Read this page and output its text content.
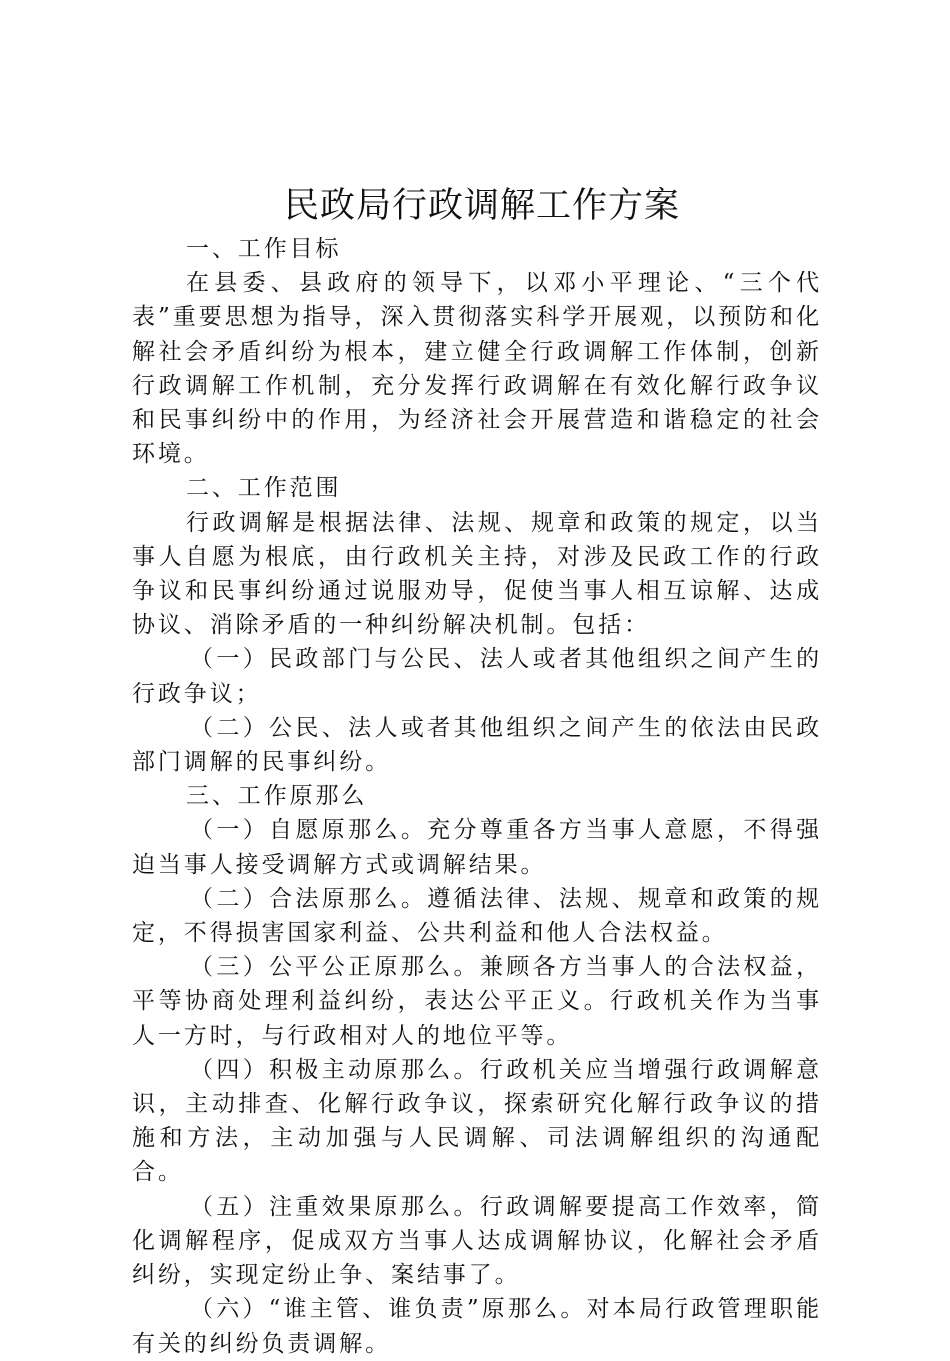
民政局行政调解工作方案

一、工作目标

在县委、县政府的领导下，以邓小平理论、“三个代表”重要思想为指导，深入贯彻落实科学开展观，以预防和化解社会矛盾纠纷为根本，建立健全行政调解工作体制，创新行政调解工作机制，充分发挥行政调解在有效化解行政争议和民事纠纷中的作用，为经济社会开展营造和谐稳定的社会环境。

二、工作范围

行政调解是根据法律、法规、规章和政策的规定，以当事人自愿为根底，由行政机关主持，对涉及民政工作的行政争议和民事纠纷通过说服劝导，促使当事人相互谅解、达成协议、消除矛盾的一种纠纷解决机制。包括：

（一）民政部门与公民、法人或者其他组织之间产生的行政争议；

（二）公民、法人或者其他组织之间产生的依法由民政部门调解的民事纠纷。

三、工作原那么

（一）自愿原那么。充分尊重各方当事人意愿，不得强迫当事人接受调解方式或调解结果。

（二）合法原那么。遵循法律、法规、规章和政策的规定，不得损害国家利益、公共利益和他人合法权益。

（三）公平公正原那么。兼顾各方当事人的合法权益，平等协商处理利益纠纷，表达公平正义。行政机关作为当事人一方时，与行政相对人的地位平等。

（四）积极主动原那么。行政机关应当增强行政调解意识，主动排查、化解行政争议，探索研究化解行政争议的措施和方法，主动加强与人民调解、司法调解组织的沟通配合。

（五）注重效果原那么。行政调解要提高工作效率，简化调解程序，促成双方当事人达成调解协议，化解社会矛盾纠纷，实现定纷止争、案结事了。

（六）“谁主管、谁负责”原那么。对本局行政管理职能有关的纠纷负责调解。
